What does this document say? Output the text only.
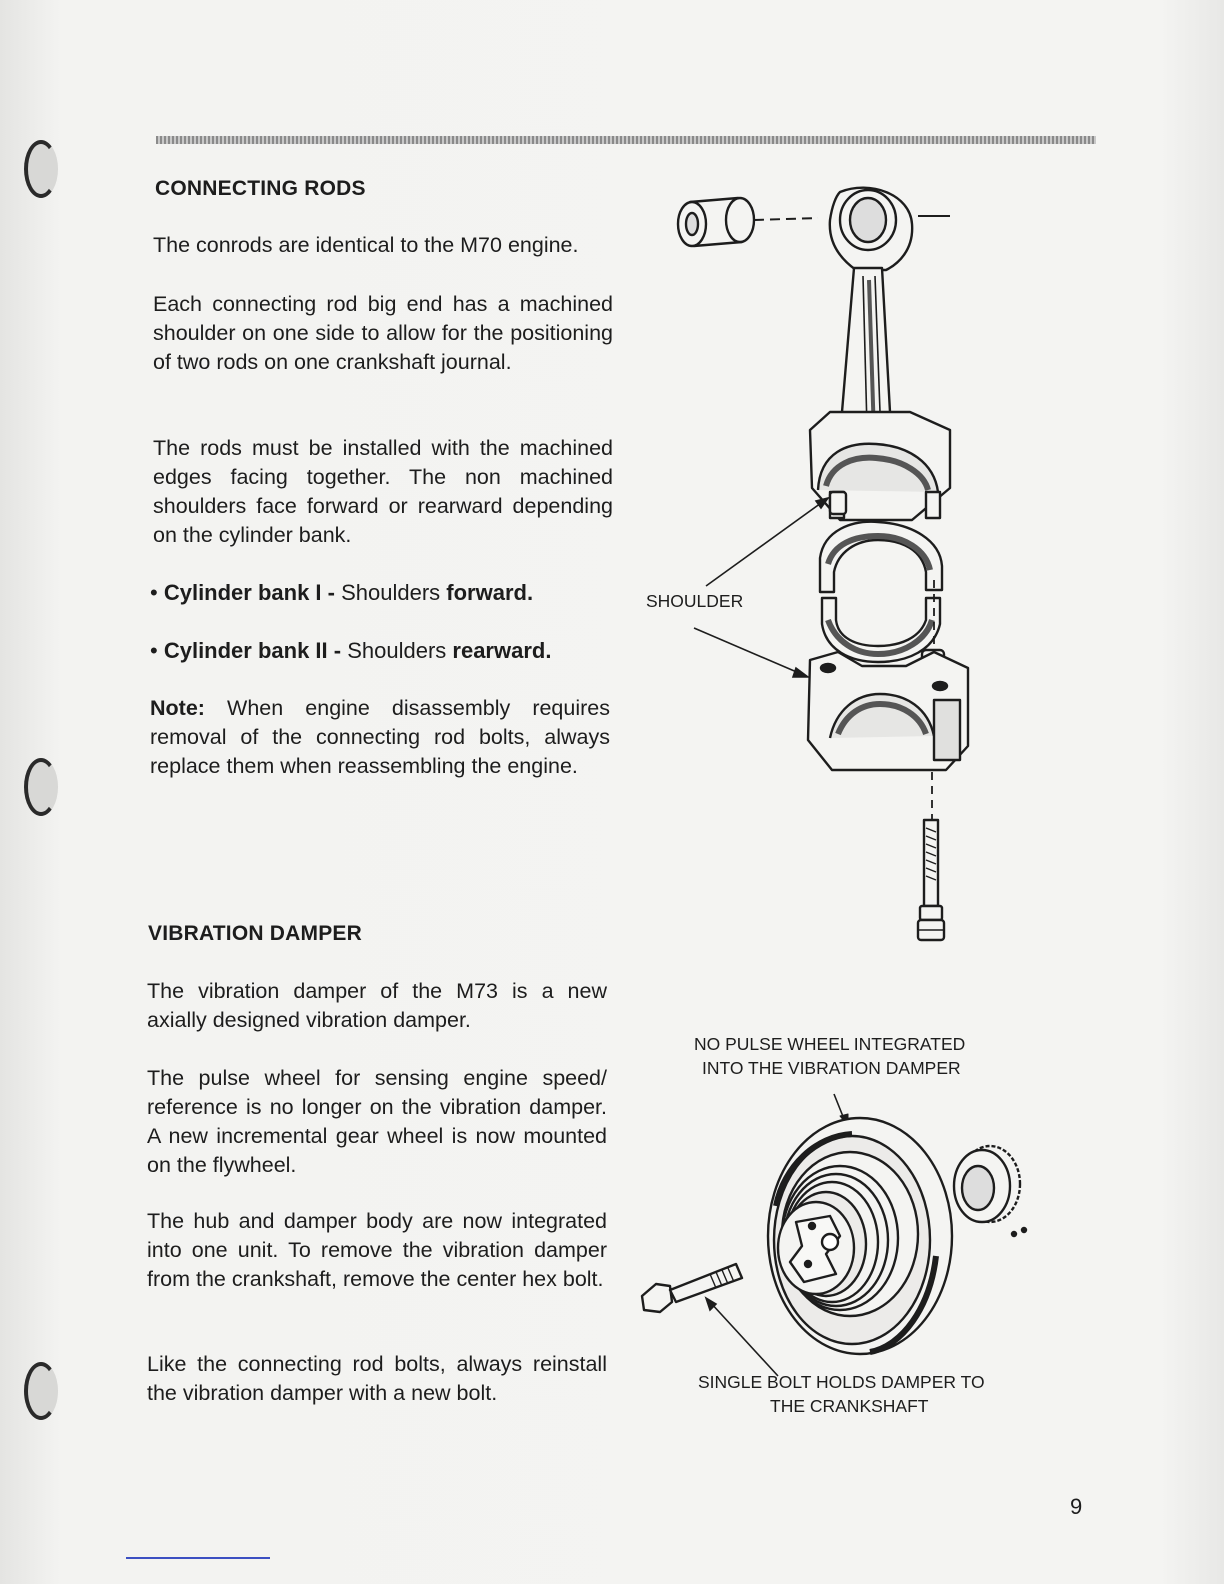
CONNECTING RODS

The conrods are identical to the M70 engine.

Each connecting rod big end has a machined shoulder on one side to allow for the positioning of two rods on one crankshaft journal.

The rods must be installed with the machined edges facing together. The non machined shoulders face forward or rearward depending on the cylinder bank.

• Cylinder bank I - Shoulders forward.

• Cylinder bank II - Shoulders rearward.

Note: When engine disassembly requires removal of the connecting rod bolts, always replace them when reassembling the engine.

VIBRATION DAMPER

The vibration damper of the M73 is a new axially designed vibration damper.

The pulse wheel for sensing engine speed/ reference is no longer on the vibration damper. A new incremental gear wheel is now mounted on the flywheel.

The hub and damper body are now integrated into one unit. To remove the vibration damper from the crankshaft, remove the center hex bolt.

Like the connecting rod bolts, always reinstall the vibration damper with a new bolt.

SHOULDER

NO PULSE WHEEL INTEGRATED

INTO THE VIBRATION DAMPER

SINGLE BOLT HOLDS DAMPER TO

THE CRANKSHAFT

9
